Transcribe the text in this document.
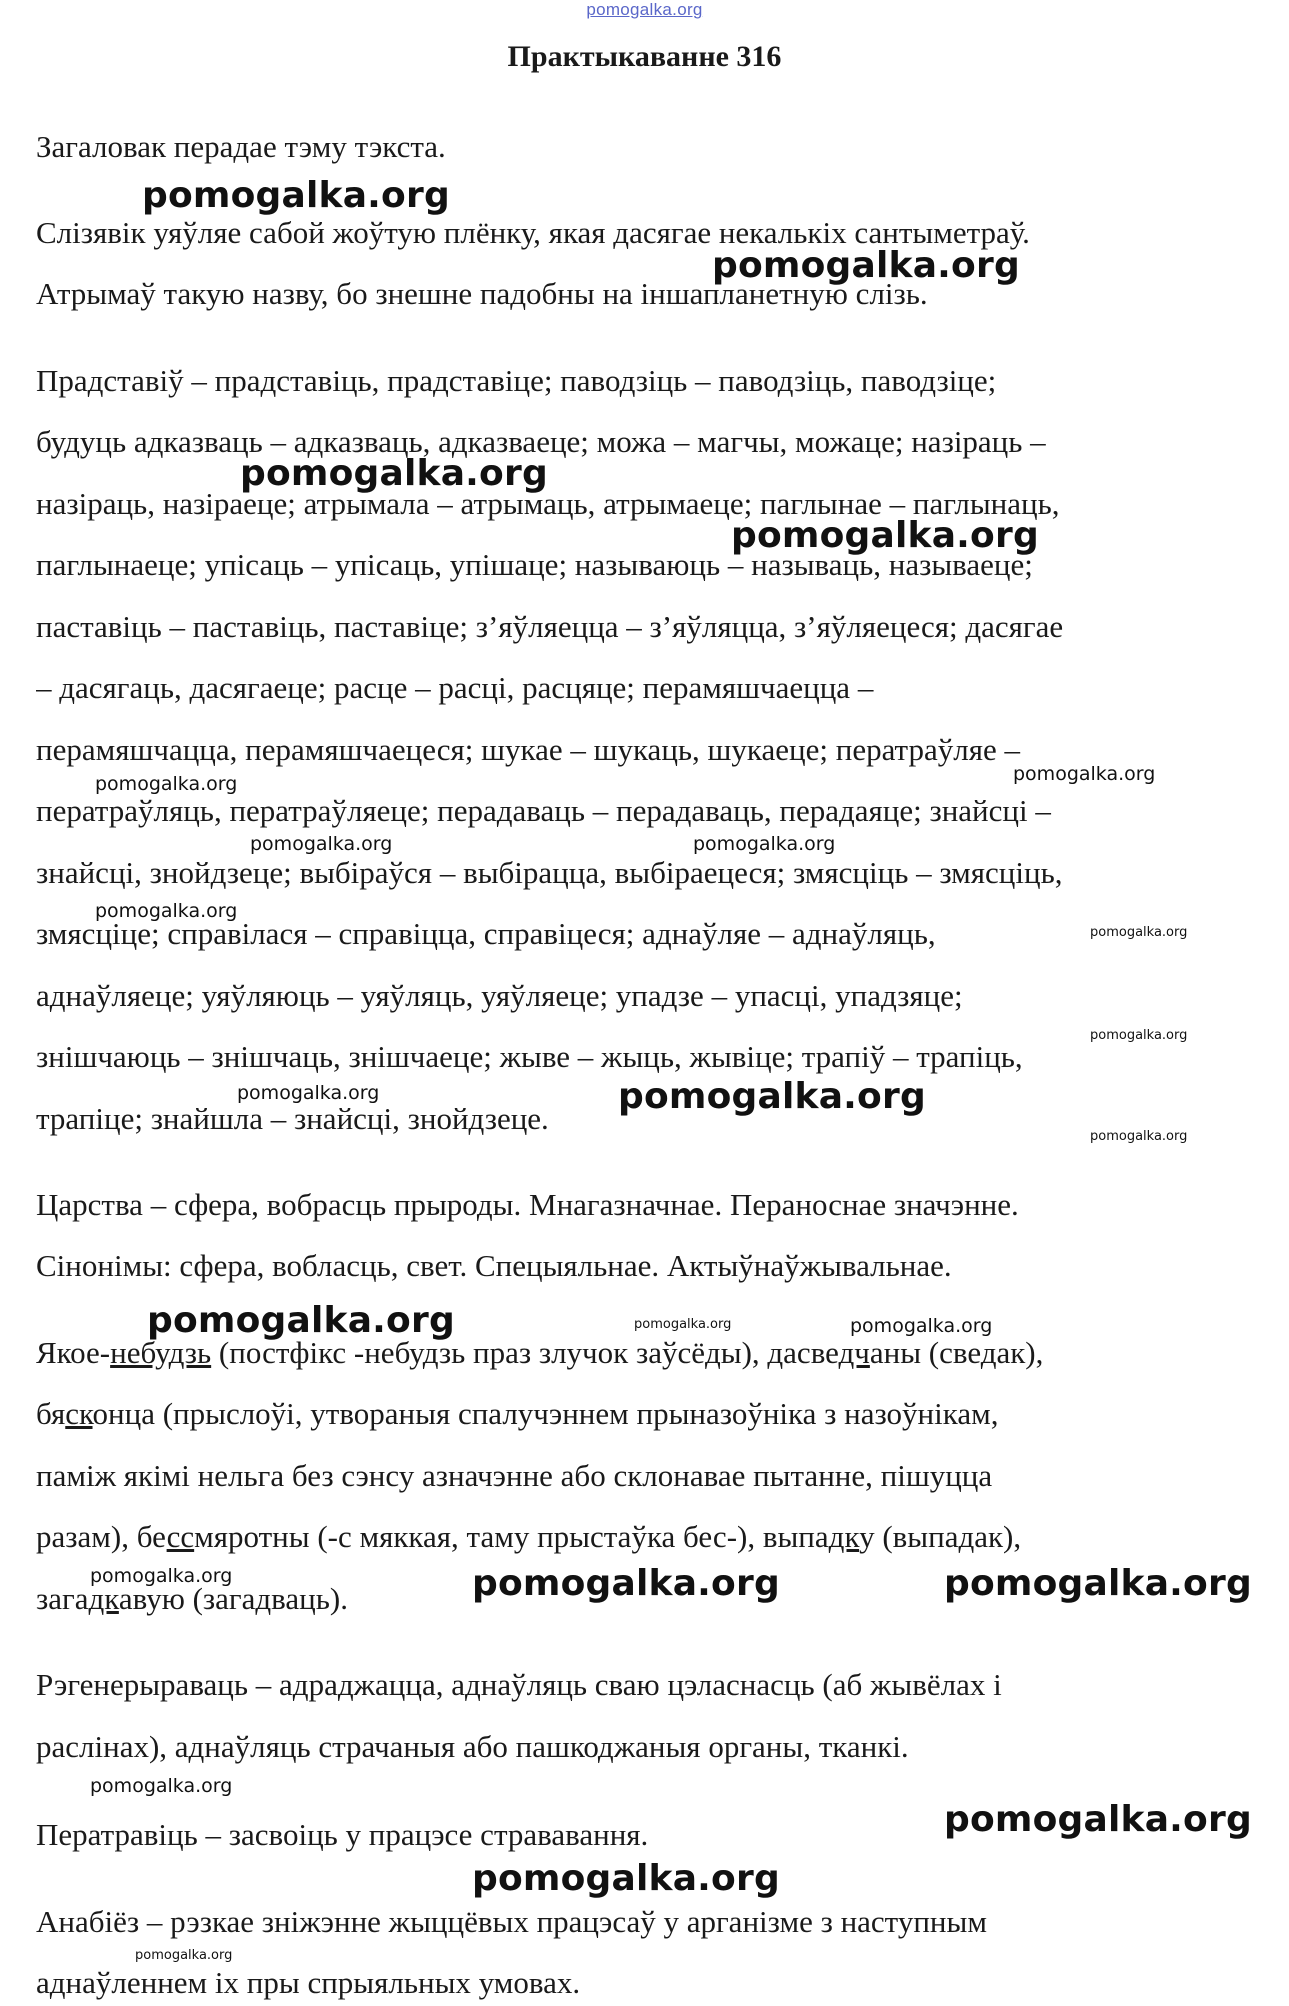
pomogalka.org
Практыкаванне 316
Загаловак перадае тэму тэкста.
Слізявік уяўляе сабой жоўтую плёнку, якая дасягае некалькіх сантыметраў.
Атрымаў такую назву, бо знешне падобны на іншапланетную слізь.
Прадставіў – прадставіць, прадставіце; паводзіць – паводзіць, паводзіце;
будуць адказваць – адказваць, адказваеце; можа – магчы, можаце; назіраць –
назіраць, назіраеце; атрымала – атрымаць, атрымаеце; паглынае – паглынаць,
паглынаеце; упісаць – упісаць, упішаце; называюць – называць, называеце;
паставіць – паставіць, паставіце; з’яўляецца – з’яўляцца, з’яўляецеся; дасягае
– дасягаць, дасягаеце; расце – расці, расцяце; перамяшчаецца –
перамяшчацца, перамяшчаецеся; шукае – шукаць, шукаеце; ператраўляе –
ператраўляць, ператраўляеце; перадаваць – перадаваць, перадаяце; знайсці –
знайсці, знойдзеце; выбіраўся – выбірацца, выбіраецеся; змясціць – змясціць,
змясціце; справілася – справіцца, справіцеся; аднаўляе – аднаўляць,
аднаўляеце; уяўляюць – уяўляць, уяўляеце; упадзе – упасці, упадзяце;
знішчаюць – знішчаць, знішчаеце; жыве – жыць, жывіце; трапіў – трапіць,
трапіце; знайшла – знайсці, знойдзеце.
Царства – сфера, вобрасць прыроды. Мнагазначнае. Пераноснае значэнне.
Сінонімы: сфера, вобласць, свет. Спецыяльнае. Актыўнаўжывальнае.
Якое-небудзь (постфікс -небудзь праз злучок заўсёды), дасведчаны (сведак),
бясконца (прыслоўі, утвораныя спалучэннем прыназоўніка з назоўнікам,
паміж якімі нельга без сэнсу азначэнне або склонавае пытанне, пішуцца
разам), бессмяротны (-с мяккая, таму прыстаўка бес-), выпадку (выпадак),
загадкавую (загадваць).
Рэгенерыраваць – адраджацца, аднаўляць сваю цэласнасць (аб жывёлах і
раслінах), аднаўляць страчаныя або пашкоджаныя органы, тканкі.
Ператравіць – засвоіць у працэсе стрававання.
Анабіёз – рэзкае зніжэнне жыццёвых працэсаў у арганізме з наступным
аднаўленнем іх пры спрыяльных умовах.
pomogalka.org
pomogalka.org
pomogalka.org
pomogalka.org
pomogalka.org	pomogalka.org
pomogalka.org	pomogalka.org
pomogalka.org
pomogalka.org
pomogalka.org
pomogalka.org	pomogalka.org
pomogalka.org
pomogalka.org	pomogalka.org	pomogalka.org
pomogalka.org	pomogalka.org	pomogalka.org
pomogalka.org
pomogalka.org
pomogalka.org
pomogalka.org
